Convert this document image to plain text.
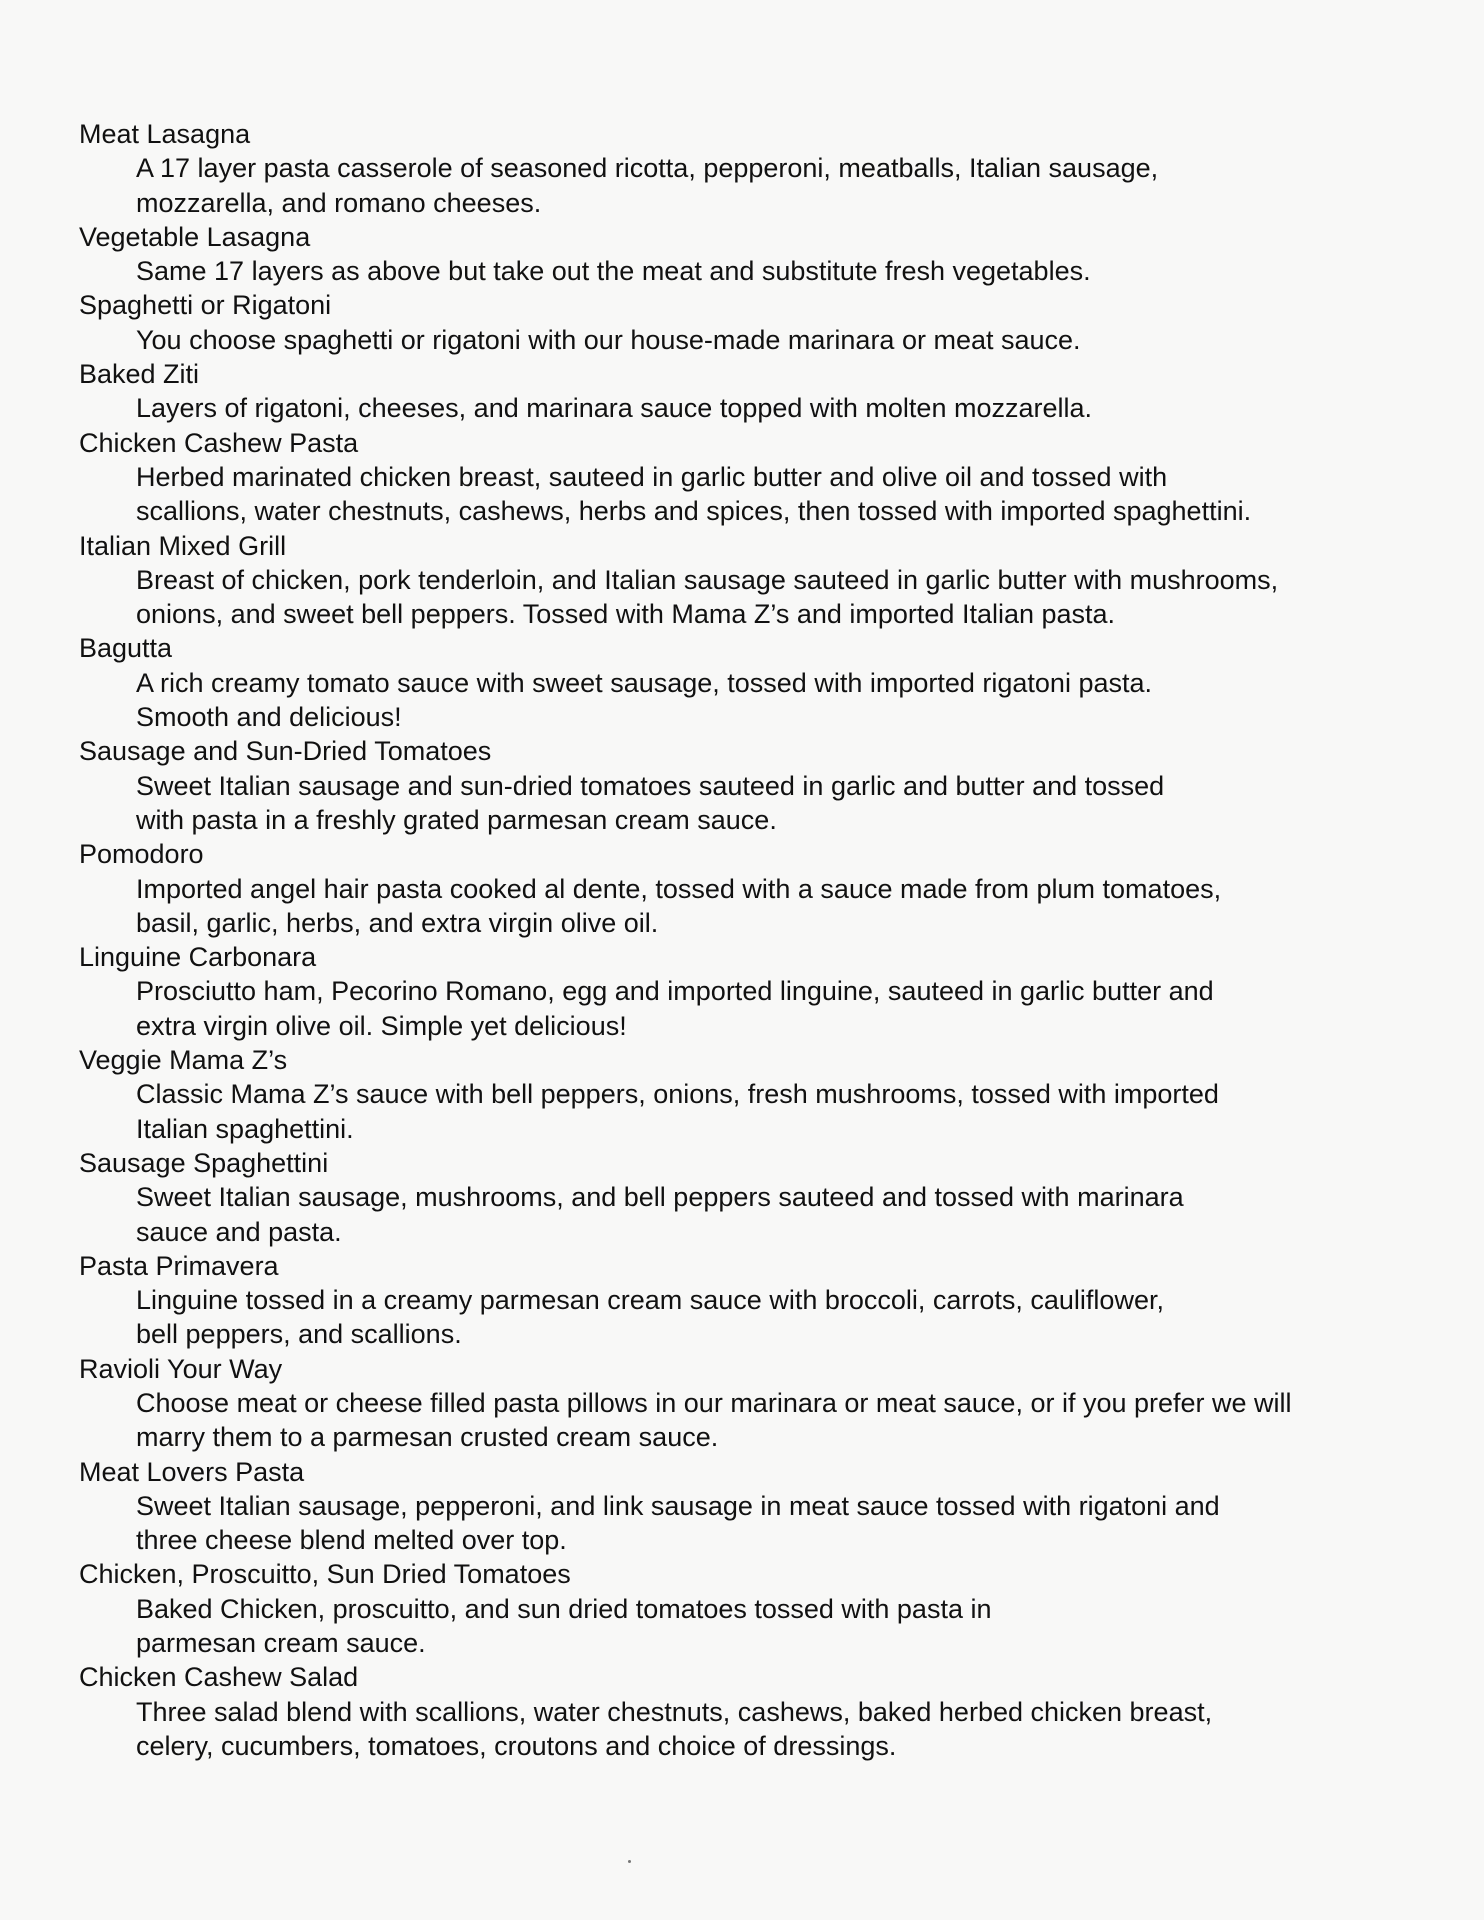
Meat Lasagna
A 17 layer pasta casserole of seasoned ricotta, pepperoni, meatballs, Italian sausage,
mozzarella, and romano cheeses.
Vegetable Lasagna
Same 17 layers as above but take out the meat and substitute fresh vegetables.
Spaghetti or Rigatoni
You choose spaghetti or rigatoni with our house-made marinara or meat sauce.
Baked Ziti
Layers of rigatoni, cheeses, and marinara sauce topped with molten mozzarella.
Chicken Cashew Pasta
Herbed marinated chicken breast, sauteed in garlic butter and olive oil and tossed with
scallions, water chestnuts, cashews, herbs and spices, then tossed with imported spaghettini.
Italian Mixed Grill
Breast of chicken, pork tenderloin, and Italian sausage sauteed in garlic butter with mushrooms,
onions, and sweet bell peppers. Tossed with Mama Z’s and imported Italian pasta.
Bagutta
A rich creamy tomato sauce with sweet sausage, tossed with imported rigatoni pasta.
Smooth and delicious!
Sausage and Sun-Dried Tomatoes
Sweet Italian sausage and sun-dried tomatoes sauteed in garlic and butter and tossed
with pasta in a freshly grated parmesan cream sauce.
Pomodoro
Imported angel hair pasta cooked al dente, tossed with a sauce made from plum tomatoes,
basil, garlic, herbs, and extra virgin olive oil.
Linguine Carbonara
Prosciutto ham, Pecorino Romano, egg and imported linguine, sauteed in garlic butter and
extra virgin olive oil. Simple yet delicious!
Veggie Mama Z’s
Classic Mama Z’s sauce with bell peppers, onions, fresh mushrooms, tossed with imported
Italian spaghettini.
Sausage Spaghettini
Sweet Italian sausage, mushrooms, and bell peppers sauteed and tossed with marinara
sauce and pasta.
Pasta Primavera
Linguine tossed in a creamy parmesan cream sauce with broccoli, carrots, cauliflower,
bell peppers, and scallions.
Ravioli Your Way
Choose meat or cheese filled pasta pillows in our marinara or meat sauce, or if you prefer we will
marry them to a parmesan crusted cream sauce.
Meat Lovers Pasta
Sweet Italian sausage, pepperoni, and link sausage in meat sauce tossed with rigatoni and
three cheese blend melted over top.
Chicken, Proscuitto, Sun Dried Tomatoes
Baked Chicken, proscuitto, and sun dried tomatoes tossed with pasta in
parmesan cream sauce.
Chicken Cashew Salad
Three salad blend with scallions, water chestnuts, cashews, baked herbed chicken breast,
celery, cucumbers, tomatoes, croutons and choice of dressings.
